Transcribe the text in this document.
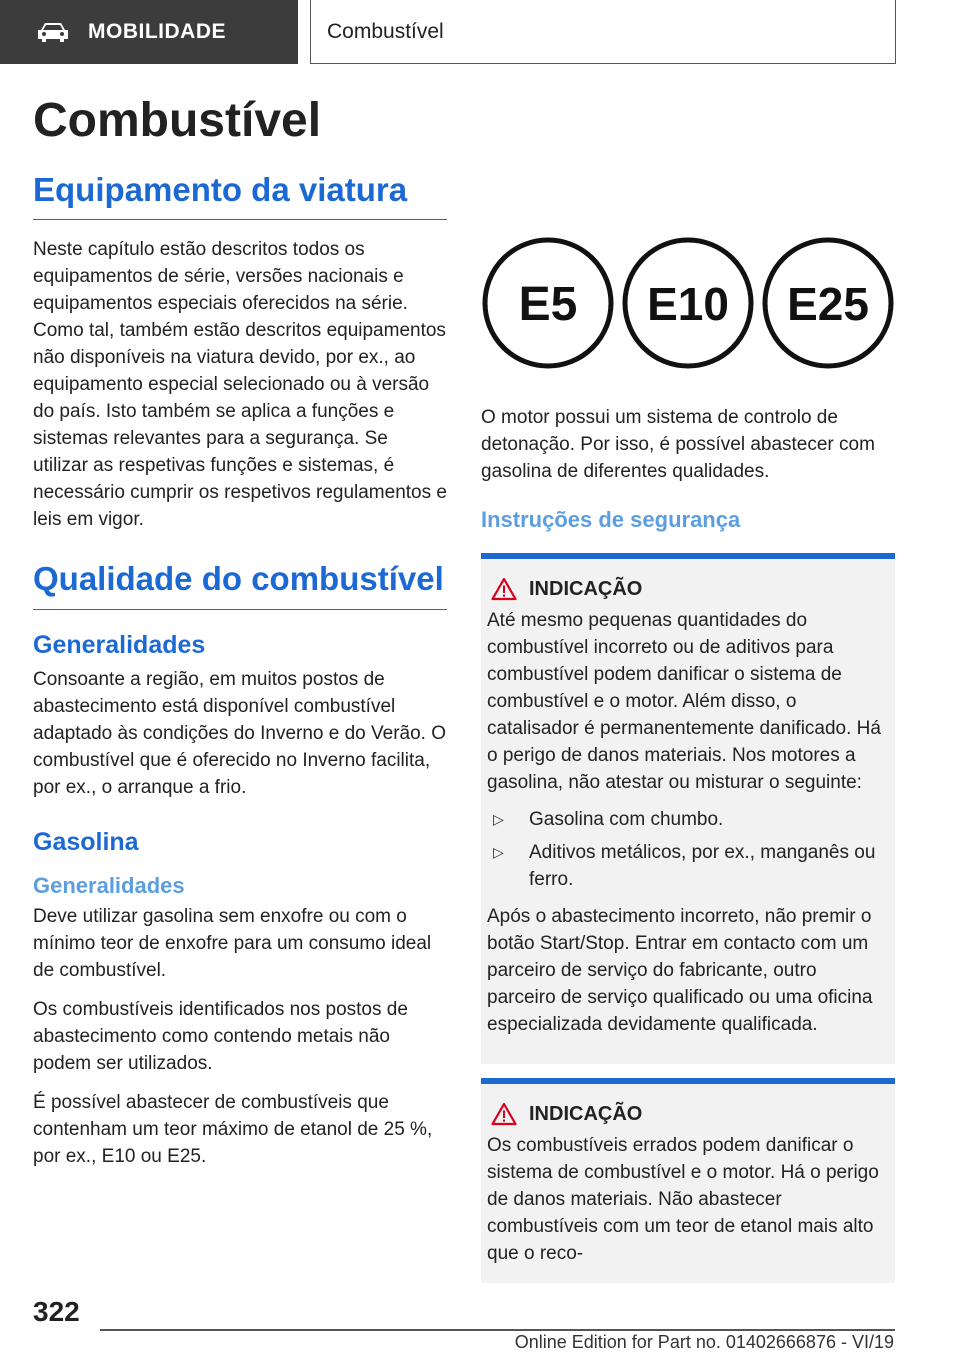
MOBILIDADE	Combustível
Combustível
Equipamento da viatura

Neste capítulo estão descritos todos os equipamentos de série, versões nacionais e equipamentos especiais oferecidos na série. Como tal, também estão descritos equipamentos não disponíveis na viatura devido, por ex., ao equipamento especial selecionado ou à versão do país. Isto também se aplica a funções e sistemas relevantes para a segurança. Se utilizar as respetivas funções e sistemas, é necessário cumprir os respetivos regulamentos e leis em vigor.

Qualidade do combustível
Generalidades

Consoante a região, em muitos postos de abastecimento está disponível combustível adaptado às condições do Inverno e do Verão. O combustível que é oferecido no Inverno facilita, por ex., o arranque a frio.

Gasolina
Generalidades

Deve utilizar gasolina sem enxofre ou com o mínimo teor de enxofre para um consumo ideal de combustível.

Os combustíveis identificados nos postos de abastecimento como contendo metais não podem ser utilizados.

É possível abastecer de combustíveis que contenham um teor máximo de etanol de 25 %, por ex., E10 ou E25.

E5 E10 E25

O motor possui um sistema de controlo de detonação. Por isso, é possível abastecer com gasolina de diferentes qualidades.

Instruções de segurança
INDICAÇÃO

Até mesmo pequenas quantidades do combustível incorreto ou de aditivos para combustível podem danificar o sistema de combustível e o motor. Além disso, o catalisador é permanentemente danificado. Há o perigo de danos materiais. Nos motores a gasolina, não atestar ou misturar o seguinte:

▷	Gasolina com chumbo.
▷	Aditivos metálicos, por ex., manganês ou ferro.

Após o abastecimento incorreto, não premir o botão Start/Stop. Entrar em contacto com um parceiro de serviço do fabricante, outro parceiro de serviço qualificado ou uma oficina especializada devidamente qualificada.

INDICAÇÃO

Os combustíveis errados podem danificar o sistema de combustível e o motor. Há o perigo de danos materiais. Não abastecer combustíveis com um teor de etanol mais alto que o reco-

322
Online Edition for Part no. 01402666876 - VI/19
